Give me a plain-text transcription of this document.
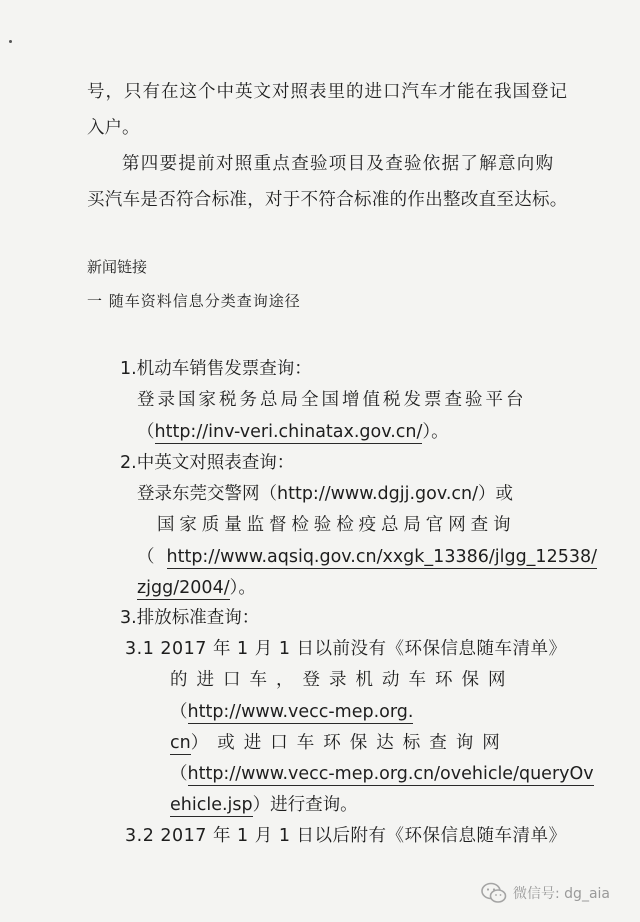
号，只有在这个中英文对照表里的进口汽车才能在我国登记
入户。
第四要提前对照重点查验项目及查验依据了解意向购
买汽车是否符合标准，对于不符合标准的作出整改直至达标。
新闻链接
一 随车资料信息分类查询途径
1.机动车销售发票查询：
登录国家税务总局全国增值税发票查验平台
（http://inv-veri.chinatax.gov.cn/）。
2.中英文对照表查询：
登录东莞交警网（http://www.dgjj.gov.cn/）或
国家质量监督检验检疫总局官网查询
（ http://www.aqsiq.gov.cn/xxgk_13386/jlgg_12538/
zjgg/2004/）。
3.排放标准查询：
3.1 2017 年 1 月 1 日以前没有《环保信息随车清单》
的进口车，登录机动车环保网
（http://www.vecc-mep.org.
cn）或进口车环保达标查询网
（http://www.vecc-mep.org.cn/ovehicle/queryOv
ehicle.jsp）进行查询。
3.2 2017 年 1 月 1 日以后附有《环保信息随车清单》
微信号: dg_aia
